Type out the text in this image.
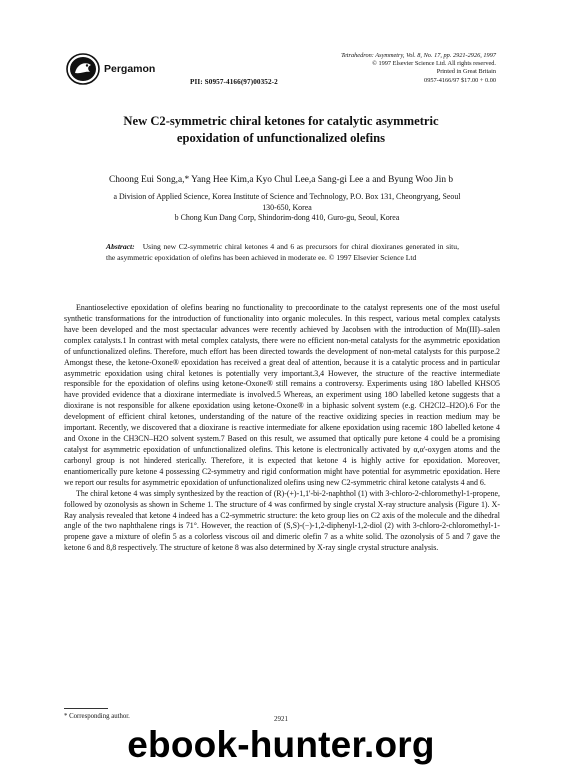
Pergamon
PII: S0957-4166(97)00352-2
Tetrahedron: Asymmetry, Vol. 8, No. 17, pp. 2921-2926, 1997
© 1997 Elsevier Science Ltd. All rights reserved.
Printed in Great Britain
0957-4166/97 $17.00 + 0.00
New C2-symmetric chiral ketones for catalytic asymmetric
epoxidation of unfunctionalized olefins
Choong Eui Song,a,* Yang Hee Kim,a Kyo Chul Lee,a Sang-gi Lee a and Byung Woo Jin b
a Division of Applied Science, Korea Institute of Science and Technology, P.O. Box 131, Cheongryang, Seoul
130-650, Korea
b Chong Kun Dang Corp, Shindorim-dong 410, Guro-gu, Seoul, Korea
Abstract: Using new C2-symmetric chiral ketones 4 and 6 as precursors for chiral dioxiranes generated in situ, the asymmetric epoxidation of olefins has been achieved in moderate ee. © 1997 Elsevier Science Ltd

Enantioselective epoxidation of olefins bearing no functionality to precoordinate to the catalyst represents one of the most useful synthetic transformations for the introduction of functionality into organic molecules. In this respect, various metal complex catalysts have been developed and the most spectacular advances were recently achieved by Jacobsen with the introduction of Mn(III)–salen complex catalysts.1 In contrast with metal complex catalysts, there were no efficient non-metal catalysts for the asymmetric epoxidation of unfunctionalized olefins. Therefore, much effort has been directed towards the development of non-metal catalysts for this purpose.2 Amongst these, the ketone-Oxone® epoxidation has received a great deal of attention, because it is a catalytic process and in particular asymmetric epoxidation using chiral ketones is potentially very important.3,4 However, the structure of the reactive intermediate responsible for the epoxidation of olefins using ketone-Oxone® still remains a controversy. Experiments using 18O labelled KHSO5 have provided evidence that a dioxirane intermediate is involved.5 Whereas, an experiment using 18O labelled ketone suggests that a dioxirane is not responsible for alkene epoxidation using ketone-Oxone® in a biphasic solvent system (e.g. CH2Cl2–H2O).6 For the development of efficient chiral ketones, understanding of the nature of the reactive oxidizing species in reaction medium may be important. Recently, we discovered that a dioxirane is reactive intermediate for alkene epoxidation using racemic 18O labelled ketone 4 and Oxone in the CH3CN–H2O solvent system.7 Based on this result, we assumed that optically pure ketone 4 could be a promising catalyst for asymmetric epoxidation of unfunctionalized olefins. This ketone is electronically activated by α,α'-oxygen atoms and the carbonyl group is not hindered sterically. Therefore, it is expected that ketone 4 is highly active for epoxidation. Moreover, enantiomerically pure ketone 4 possessing C2-symmetry and rigid conformation might have potential for asymmetric epoxidation. Here we report our results for asymmetric epoxidation of unfunctionalized olefins using new C2-symmetric chiral ketone catalysts 4 and 6.

The chiral ketone 4 was simply synthesized by the reaction of (R)-(+)-1,1'-bi-2-naphthol (1) with 3-chloro-2-chloromethyl-1-propene, followed by ozonolysis as shown in Scheme 1. The structure of 4 was confirmed by single crystal X-ray structure analysis (Figure 1). X-Ray analysis revealed that ketone 4 indeed has a C2-symmetric structure: the keto group lies on C2 axis of the molecule and the dihedral angle of the two naphthalene rings is 71°. However, the reaction of (S,S)-(−)-1,2-diphenyl-1,2-diol (2) with 3-chloro-2-chloromethyl-1-propene gave a mixture of olefin 5 as a colorless viscous oil and dimeric olefin 7 as a white solid. The ozonolysis of 5 and 7 gave the ketone 6 and 8,8 respectively. The structure of ketone 8 was also determined by X-ray single crystal structure analysis.

* Corresponding author.	2921
ebook-hunter.org
